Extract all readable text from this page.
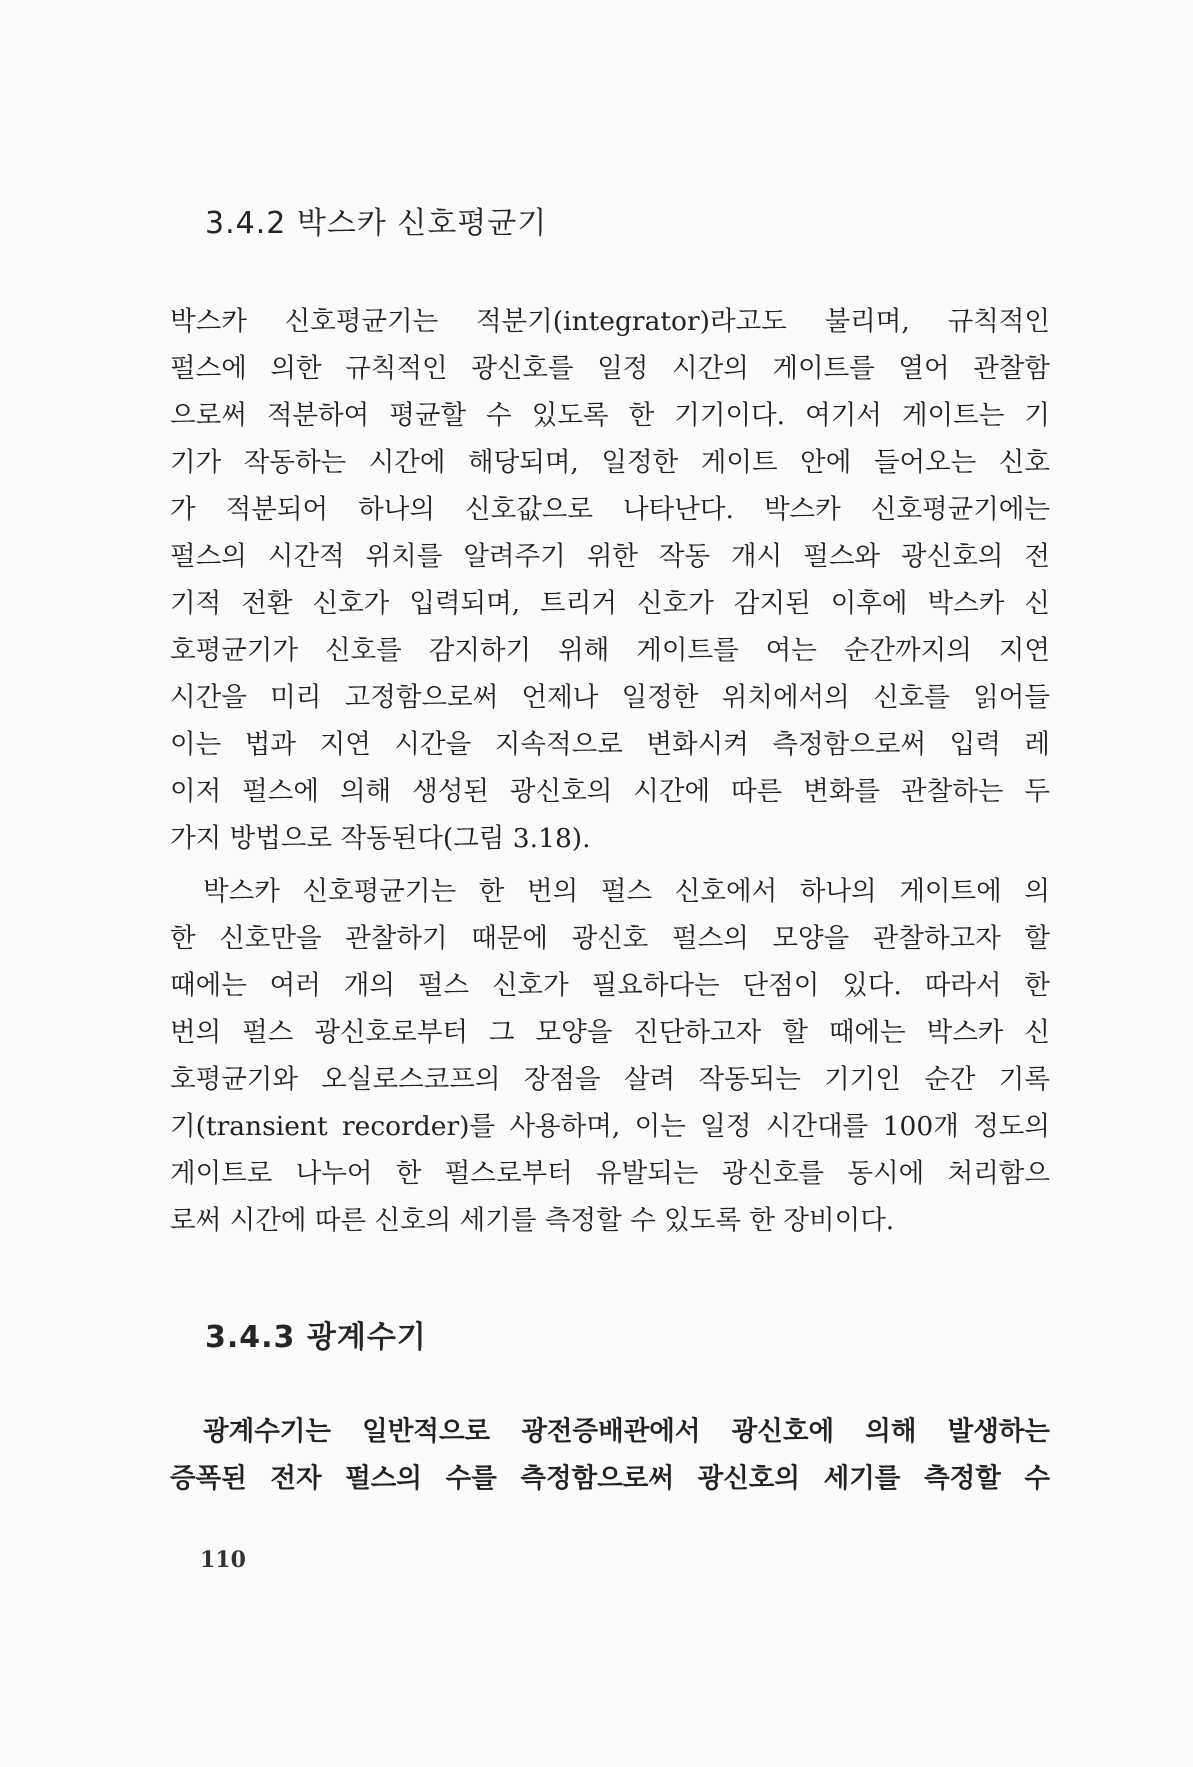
3.4.2 박스카 신호평균기
박스카 신호평균기는 적분기(integrator)라고도 불리며, 규칙적인
펄스에 의한 규칙적인 광신호를 일정 시간의 게이트를 열어 관찰함
으로써 적분하여 평균할 수 있도록 한 기기이다. 여기서 게이트는 기
기가 작동하는 시간에 해당되며, 일정한 게이트 안에 들어오는 신호
가 적분되어 하나의 신호값으로 나타난다. 박스카 신호평균기에는
펄스의 시간적 위치를 알려주기 위한 작동 개시 펄스와 광신호의 전
기적 전환 신호가 입력되며, 트리거 신호가 감지된 이후에 박스카 신
호평균기가 신호를 감지하기 위해 게이트를 여는 순간까지의 지연
시간을 미리 고정함으로써 언제나 일정한 위치에서의 신호를 읽어들
이는 법과 지연 시간을 지속적으로 변화시켜 측정함으로써 입력 레
이저 펄스에 의해 생성된 광신호의 시간에 따른 변화를 관찰하는 두
가지 방법으로 작동된다(그림 3.18).
박스카 신호평균기는 한 번의 펄스 신호에서 하나의 게이트에 의
한 신호만을 관찰하기 때문에 광신호 펄스의 모양을 관찰하고자 할
때에는 여러 개의 펄스 신호가 필요하다는 단점이 있다. 따라서 한
번의 펄스 광신호로부터 그 모양을 진단하고자 할 때에는 박스카 신
호평균기와 오실로스코프의 장점을 살려 작동되는 기기인 순간 기록
기(transient recorder)를 사용하며, 이는 일정 시간대를 100개 정도의
게이트로 나누어 한 펄스로부터 유발되는 광신호를 동시에 처리함으
로써 시간에 따른 신호의 세기를 측정할 수 있도록 한 장비이다.
3.4.3 광계수기
광계수기는 일반적으로 광전증배관에서 광신호에 의해 발생하는
증폭된 전자 펄스의 수를 측정함으로써 광신호의 세기를 측정할 수
110
